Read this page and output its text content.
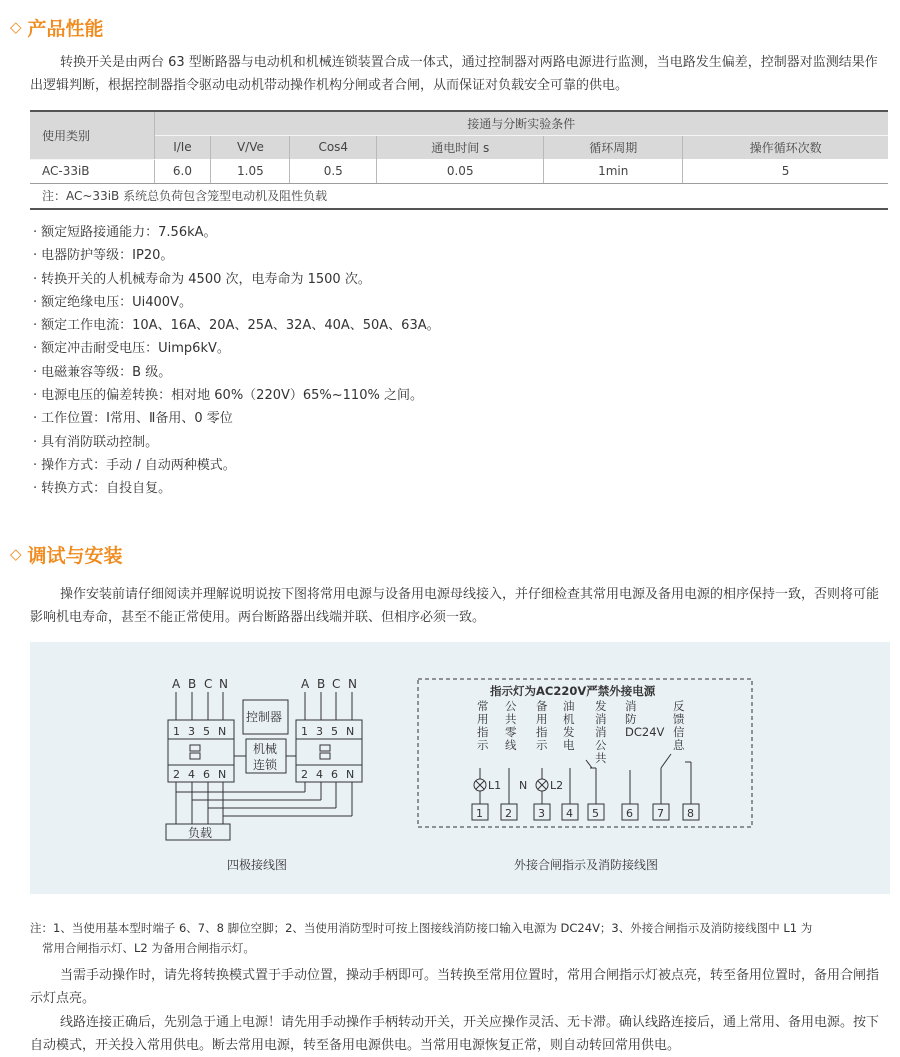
◇ 产品性能

转换开关是由两台 63 型断路器与电动机和机械连锁装置合成一体式，通过控制器对两路电源进行监测，当电路发生偏差，控制器对监测结果作出逻辑判断，根据控制器指令驱动电动机带动操作机构分闸或者合闸，从而保证对负载安全可靠的供电。

使用类别	接通与分断实验条件					
	I/Ie	V/Ve	Cos4	通电时间 s	循环周期	操作循环次数
AC-33iB	6.0	1.05	0.5	0.05	1min	5
注：AC~33iB 系统总负荷包含笼型电动机及阻性负载						
· 额定短路接通能力：7.56kA。
· 电器防护等级：IP20。
· 转换开关的人机械寿命为 4500 次，电寿命为 1500 次。
· 额定绝缘电压：Ui400V。
· 额定工作电流：10A、16A、20A、25A、32A、40A、50A、63A。
· 额定冲击耐受电压：Uimp6kV。
· 电磁兼容等级：B 级。
· 电源电压的偏差转换：相对地 60%（220V）65%~110% 之间。
· 工作位置：Ⅰ常用、Ⅱ备用、0 零位
· 具有消防联动控制。
· 操作方式：手动 / 自动两种模式。
· 转换方式：自投自复。
◇ 调试与安装

操作安装前请仔细阅读并理解说明说按下图将常用电源与设备用电源母线接入，并仔细检查其常用电源及备用电源的相序保持一致，否则将可能影响机电寿命，甚至不能正常使用。两台断路器出线端并联、但相序必须一致。

A B C N	A B C N
1 3 5 N
2 4 6 N
控制器
机械
连锁
1 3 5 N
2 4 6 N
负载
四极接线图
指示灯为AC220V严禁外接电源
常用指示
公共零线
备用指示
油机发电
发消消公共
消防 DC24V
反馈信息
L1 N L2
1 2 3 4 5 6 7 8
外接合闸指示及消防接线图
注：1、当使用基本型时端子 6、7、8 脚位空脚；2、当使用消防型时可按上图接线消防接口输入电源为 DC24V；3、外接合闸指示及消防接线图中 L1 为
常用合闸指示灯、L2 为备用合闸指示灯。

当需手动操作时，请先将转换模式置于手动位置，操动手柄即可。当转换至常用位置时，常用合闸指示灯被点亮，转至备用位置时，备用合闸指示灯点亮。

线路连接正确后，先别急于通上电源！请先用手动操作手柄转动开关，开关应操作灵活、无卡滞。确认线路连接后，通上常用、备用电源。按下自动模式，开关投入常用供电。断去常用电源，转至备用电源供电。当常用电源恢复正常，则自动转回常用供电。
